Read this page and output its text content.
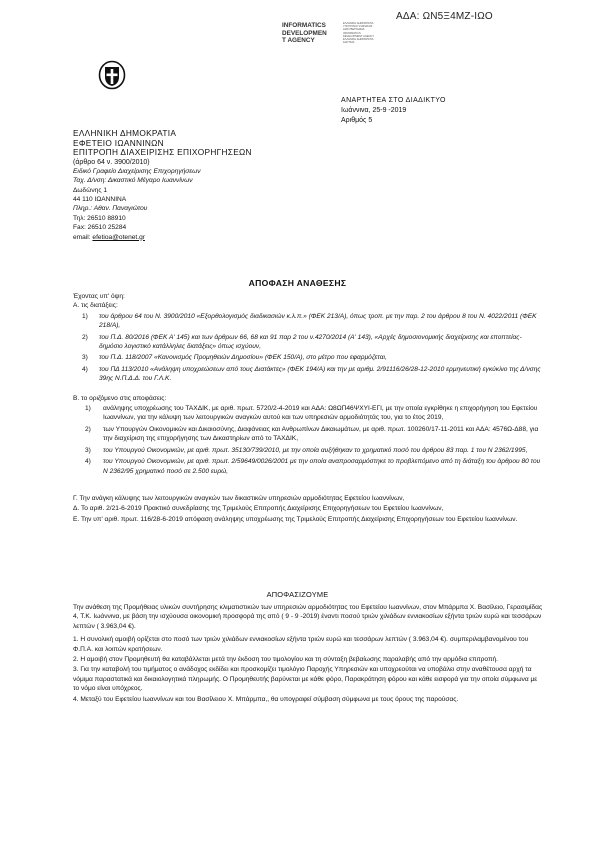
ΑΔΑ: ΩΝ5Ξ4ΜΖ-ΙΩΟ
INFORMATICS
DEVELOPMEN
T AGENCY
ΕΛΛΗΝΙΚΗ ΔΗΜΟΚΡΑΤΙΑ
ΥΠΟΥΡΓΕΙΟ ΨΗΦΙΑΚΗΣ
ΔΙΑΚΥΒΕΡΝΗΣΗΣ
INFORMATICS
DEVELOPMENT AGENCY
ΕΛΛΗΝΙΚΗ ΔΗΜΟΚΡΑΤΙΑ
ΔΙΑΥΓΕΙΑ
ΑΝΑΡΤΗΤΕΑ ΣΤΟ ΔΙΑΔΙΚΤΥΟ
Ιωάννινα, 25-9 -2019
Αριθμός 5
ΕΛΛΗΝΙΚΗ ΔΗΜΟΚΡΑΤΙΑ
ΕΦΕΤΕΙΟ ΙΩΑΝΝΙΝΩΝ
ΕΠΙΤΡΟΠΗ ΔΙΑΧΕΙΡΙΣΗΣ ΕΠΙΧΟΡΗΓΗΣΕΩΝ
(άρθρο 64 ν. 3900/2010)
Ειδικό Γραφείο Διαχείρισης Επιχορηγήσεων
Ταχ. Δ/νση: Δικαστικό Μέγαρο Ιωαννίνων
Δωδώνης 1
44 110 ΙΩΑΝΝΙΝΑ
Πληρ.: Αθαν. Παναγιώτου
Τηλ: 26510 88910
Fax: 26510 25284
email: efetioa@otenet.gr
ΑΠΟΦΑΣΗ ΑΝΑΘΕΣΗΣ
Έχοντας υπ' όψη:
Α. τις διατάξεις:
1) του άρθρου 64 του Ν. 3900/2010 «Εξορθολογισμός διαδικασιών κ.λ.π.» (ΦΕΚ 213/Α), όπως τροπ. με την παρ. 2 του άρθρου 8 του Ν. 4022/2011 (ΦΕΚ 218/Α),
2) του Π.Δ. 80/2016 (ΦΕΚ Α' 145) και των άρθρων 66, 68 και 91 παρ 2 του ν.4270/2014 (Α' 143), «Αρχές δημοσιονομικής διαχείρισης και εποπτείας-δημόσιο λογιστικό κατάλληλες διατάξεις» όπως ισχύουν,
3) του Π.Δ. 118/2007 «Κανονισμός Προμηθειών Δημοσίου» (ΦΕΚ 150/Α), στο μέτρο που εφαρμόζεται,
4) του ΠΔ 113/2010 «Ανάληψη υποχρεώσεων από τους Διατάκτες» (ΦΕΚ 194/Α) και την με αριθμ. 2/91116/26/28-12-2010 ερμηνευτική εγκύκλιο της Δ/νσης 39ης Ν.Π.Δ.Δ. του Γ.Λ.Κ.
Β. το οριζόμενο στις αποφάσεις:
1) ανάληψης υποχρέωσης του ΤΑΧΔΙΚ, με αριθ. πρωτ. 5720/2-4-2019 και ΑΔΑ: Ω8ΩΠ46ΨΧΥΙ-ΕΓΙ, με την οποία εγκρίθηκε η επιχορήγηση του Εφετείου Ιωαννίνων, για την κάλυψη των λειτουργικών αναγκών αυτού και των υπηρεσιών αρμοδιότητάς του, για το έτος 2019,
2) των Υπουργών Οικονομικών και Δικαιοσύνης, Διαφάνειας και Ανθρωπίνων Δικαιωμάτων, με αριθ. πρωτ. 100260/17-11-2011 και ΑΔΑ: 4576Ω-Δ88, για την διαχείριση της επιχορήγησης των Δικαστηρίων από το ΤΑΧΔΙΚ,
3) του Υπουργού Οικονομικών, με αριθ. πρωτ. 35130/739/2010, με την οποία αυξήθηκαν το χρηματικό ποσό του άρθρου 83 παρ. 1 του Ν 2362/1995,
4) του Υπουργού Οικονομικών, με αριθ. πρωτ. 2/59649/0026/2001 με την οποία αναπροσαρμόστηκε το προβλεπόμενο από τη διάταξη του άρθρου 80 του Ν 2362/95 χρηματικό ποσό σε 2.500 ευρώ,
Γ. Την ανάγκη κάλυψης των λειτουργικών αναγκών των δικαστικών υπηρεσιών αρμοδιότητας Εφετείου Ιωαννίνων,
Δ. Το αριθ. 2/21-6-2019 Πρακτικό συνεδρίασης της Τριμελούς Επιτροπής Διαχείρισης Επιχορηγήσεων του Εφετείου Ιωαννίνων,
Ε. Την υπ' αριθ. πρωτ. 116/28-6-2019 απόφαση ανάληψης υποχρέωσης της Τριμελούς Επιτροπής Διαχείρισης Επιχορηγήσεων του Εφετείου Ιωαννίνων.
ΑΠΟΦΑΣΙΖΟΥΜΕ
Την ανάθεση της Προμήθειας υλικών συντήρησης κλιματιστικών των υπηρεσιών αρμοδιότητας του Εφετείου Ιωαννίνων, στον Μπάρμπα Χ. Βασίλειο, Γερασιμίδας 4, Τ.Κ. Ιωάννινα, με βάση την ισχύουσα οικονομική προσφορά της από ( 9 - 9 -2019) έναντι ποσού τριών χιλιάδων εννιακοσίων εξήντα τριών ευρώ και τεσσάρων λεπτών ( 3.963,04 €).
1. Η συνολική αμοιβή ορίζεται στο ποσό των τριών χιλιάδων εννιακοσίων εξήντα τριών ευρώ και τεσσάρων λεπτών ( 3.963,04 €). συμπεριλαμβανομένου του Φ.Π.Α. και λοιπών κρατήσεων.
2. Η αμοιβή στον Προμηθευτή θα καταβάλλεται μετά την έκδοση του τιμολογίου και τη σύνταξη βεβαίωσης παραλαβής από την αρμόδια επιτροπή.
3. Για την καταβολή του τιμήματος ο ανάδοχος εκδίδει και προσκομίζει τιμολόγιο Παροχής Υπηρεσιών και υποχρεούται να υποβάλει στην αναθέτουσα αρχή τα νόμιμα παραστατικά και δικαιολογητικά πληρωμής. Ο Προμηθευτής βαρύνεται με κάθε φόρο, Παρακράτηση φόρου και κάθε εισφορά για την οποία σύμφωνα με το νόμο είναι υπόχρεος.
4. Μεταξύ του Εφετείου Ιωαννίνων και του Βασίλειου Χ. Μπάρμπα,, θα υπογραφεί σύμβαση σύμφωνα με τους όρους της παρούσας.
